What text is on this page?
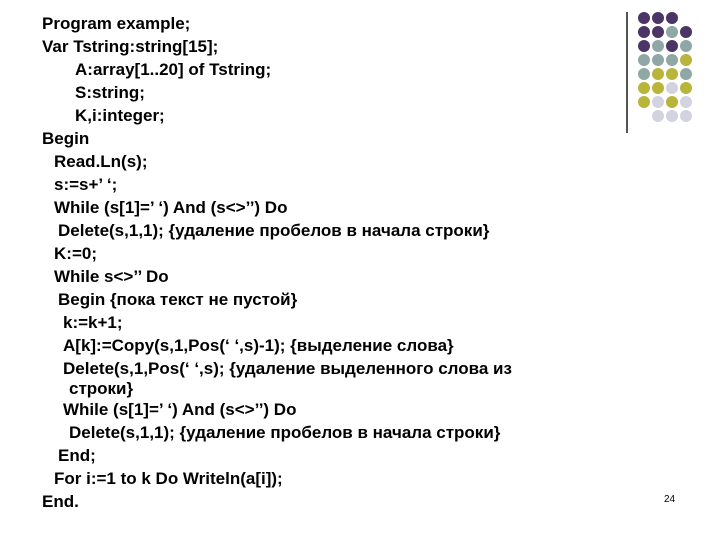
Program example;
Var Tstring:string[15];
A:array[1..20] of Tstring;
S:string;
K,i:integer;
Begin
Read.Ln(s);
s:=s+’ ‘;
While (s[1]=’ ‘) And (s<>’’) Do
Delete(s,1,1); {удаление пробелов в начала строки}
K:=0;
While s<>’’ Do
Begin {пока текст не пустой}
k:=k+1;
A[k]:=Copy(s,1,Pos(‘ ‘,s)-1); {выделение слова}
Delete(s,1,Pos(‘ ‘,s); {удаление выделенного слова из
строки}
While (s[1]=’ ‘) And (s<>’’) Do
Delete(s,1,1); {удаление пробелов в начала строки}
End;
For i:=1 to k Do Writeln(a[i]);
End.	24
